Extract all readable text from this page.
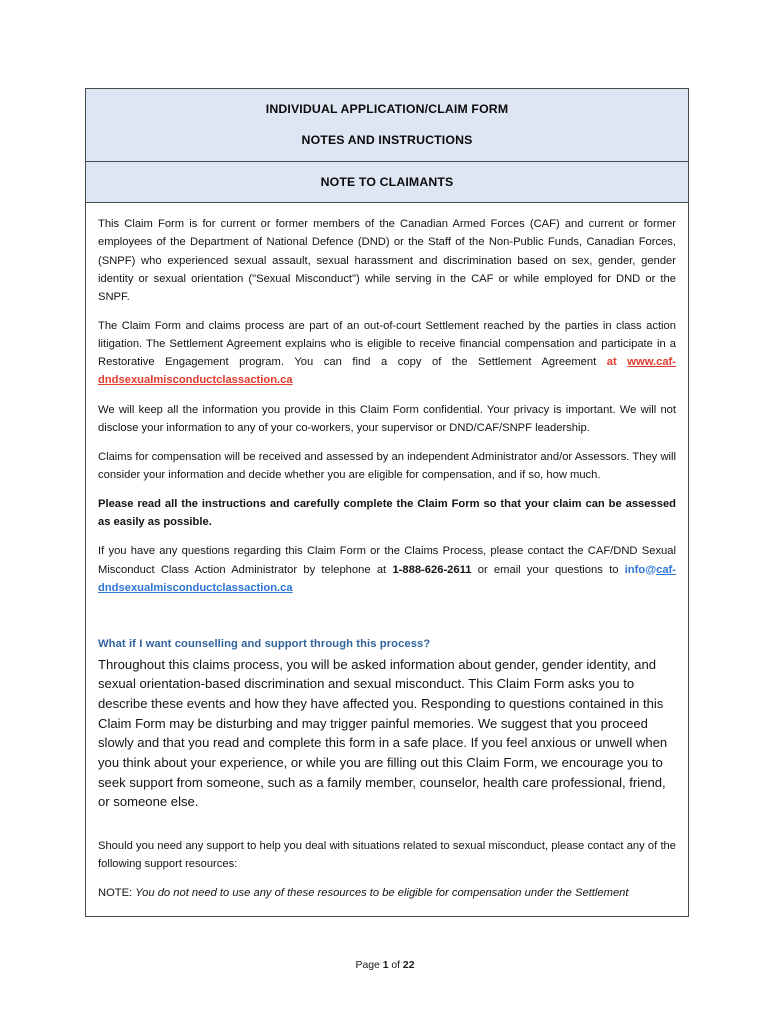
INDIVIDUAL APPLICATION/CLAIM FORM
NOTES AND INSTRUCTIONS
NOTE TO CLAIMANTS

This Claim Form is for current or former members of the Canadian Armed Forces (CAF) and current or former employees of the Department of National Defence (DND) or the Staff of the Non-Public Funds, Canadian Forces, (SNPF) who experienced sexual assault, sexual harassment and discrimination based on sex, gender, gender identity or sexual orientation ("Sexual Misconduct") while serving in the CAF or while employed for DND or the SNPF.

The Claim Form and claims process are part of an out-of-court Settlement reached by the parties in class action litigation. The Settlement Agreement explains who is eligible to receive financial compensation and participate in a Restorative Engagement program. You can find a copy of the Settlement Agreement at www.caf-dndsexualmisconductclassaction.ca

We will keep all the information you provide in this Claim Form confidential. Your privacy is important. We will not disclose your information to any of your co-workers, your supervisor or DND/CAF/SNPF leadership.

Claims for compensation will be received and assessed by an independent Administrator and/or Assessors. They will consider your information and decide whether you are eligible for compensation, and if so, how much.

Please read all the instructions and carefully complete the Claim Form so that your claim can be assessed as easily as possible.

If you have any questions regarding this Claim Form or the Claims Process, please contact the CAF/DND Sexual Misconduct Class Action Administrator by telephone at 1-888-626-2611 or email your questions to info@caf-dndsexualmisconductclassaction.ca

What if I want counselling and support through this process?

Throughout this claims process, you will be asked information about gender, gender identity, and sexual orientation-based discrimination and sexual misconduct. This Claim Form asks you to describe these events and how they have affected you. Responding to questions contained in this Claim Form may be disturbing and may trigger painful memories. We suggest that you proceed slowly and that you read and complete this form in a safe place. If you feel anxious or unwell when you think about your experience, or while you are filling out this Claim Form, we encourage you to seek support from someone, such as a family member, counselor, health care professional, friend, or someone else.

Should you need any support to help you deal with situations related to sexual misconduct, please contact any of the following support resources:

NOTE: You do not need to use any of these resources to be eligible for compensation under the Settlement

Page 1 of 22
